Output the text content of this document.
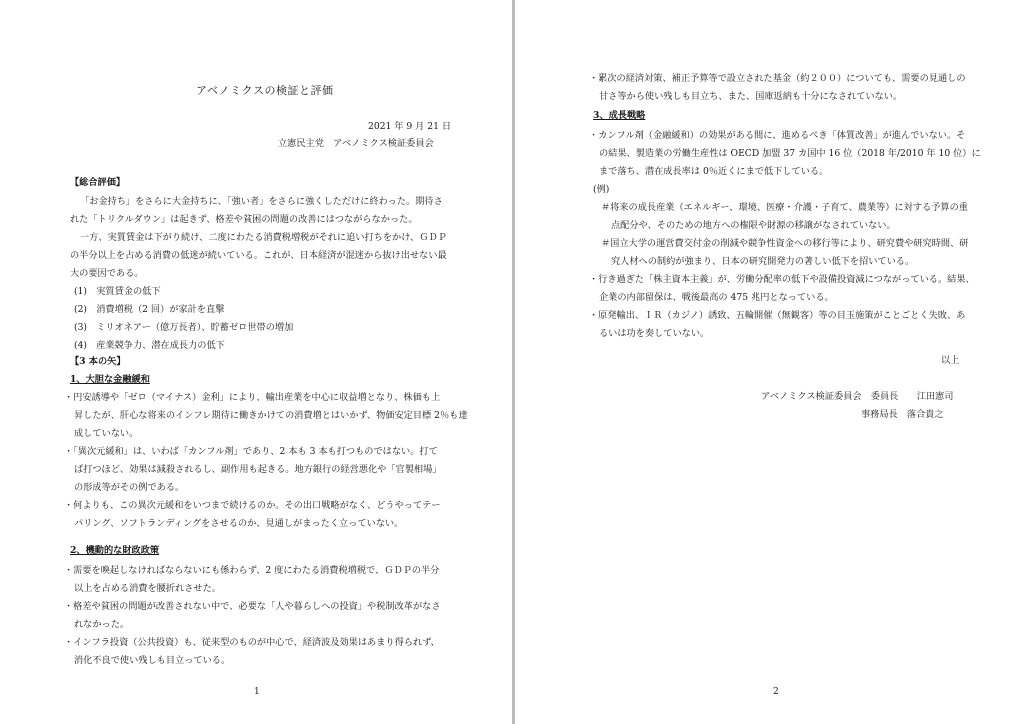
アベノミクスの検証と評価
2021 年 9 月 21 日
立憲民主党　アベノミクス検証委員会
【総合評価】
「お金持ち」をさらに大金持ちに、「強い者」をさらに強くしただけに終わった。期待さ
れた「トリクルダウン」は起きず、格差や貧困の問題の改善にはつながらなかった。
一方、実質賃金は下がり続け、二度にわたる消費税増税がそれに追い打ちをかけ、ＧＤＰ
の半分以上を占める消費の低迷が続いている。これが、日本経済が混迷から抜け出せない最
大の要因である。
(1)　実質賃金の低下
(2)　消費増税（2 回）が家計を直撃
(3)　ミリオネアー（億万長者）、貯蓄ゼロ世帯の増加
(4)　産業競争力、潜在成長力の低下
【3 本の矢】
1、大胆な金融緩和
・円安誘導や「ゼロ（マイナス）金利」により、輸出産業を中心に収益増となり、株価も上
昇したが、肝心な将来のインフレ期待に働きかけての消費増とはいかず、物価安定目標 2％も達
成していない。
・「異次元緩和」は、いわば「カンフル剤」であり、2 本も 3 本も打つものではない。打て
ば打つほど、効果は減殺されるし、副作用も起きる。地方銀行の経営悪化や「官製相場」
の形成等がその例である。
・何よりも、この異次元緩和をいつまで続けるのか。その出口戦略がなく、どうやってテー
パリング、ソフトランディングをさせるのか、見通しがまったく立っていない。
2、機動的な財政政策
・需要を喚起しなければならないにも係わらず、2 度にわたる消費税増税で、ＧＤＰの半分
以上を占める消費を腰折れさせた。
・格差や貧困の問題が改善されない中で、必要な「人や暮らしへの投資」や税制改革がなさ
れなかった。
・インフラ投資（公共投資）も、従来型のものが中心で、経済波及効果はあまり得られず、
消化不良で使い残しも目立っている。
1
・累次の経済対策、補正予算等で設立された基金（約２００）についても、需要の見通しの
甘さ等から使い残しも目立ち、また、国庫返納も十分になされていない。
3、成長戦略
・カンフル剤（金融緩和）の効果がある間に、進めるべき「体質改善」が進んでいない。そ
の結果、製造業の労働生産性は OECD 加盟 37 カ国中 16 位（2018 年/2010 年 10 位）に
まで落ち、潜在成長率は 0％近くにまで低下している。
(例)
＃将来の成長産業（エネルギー、環境、医療・介護・子育て、農業等）に対する予算の重
点配分や、そのための地方への権限や財源の移譲がなされていない。
＃国立大学の運営費交付金の削減や競争性資金への移行等により、研究費や研究時間、研
究人材への制約が強まり、日本の研究開発力の著しい低下を招いている。
・行き過ぎた「株主資本主義」が、労働分配率の低下や設備投資減につながっている。結果、
企業の内部留保は、戦後最高の 475 兆円となっている。
・原発輸出、ＩＲ（カジノ）誘致、五輪開催（無観客）等の目玉施策がことごとく失敗、あ
るいは功を奏していない。
以上
アベノミクス検証委員会　委員長　　江田憲司
事務局長　落合貴之
2
